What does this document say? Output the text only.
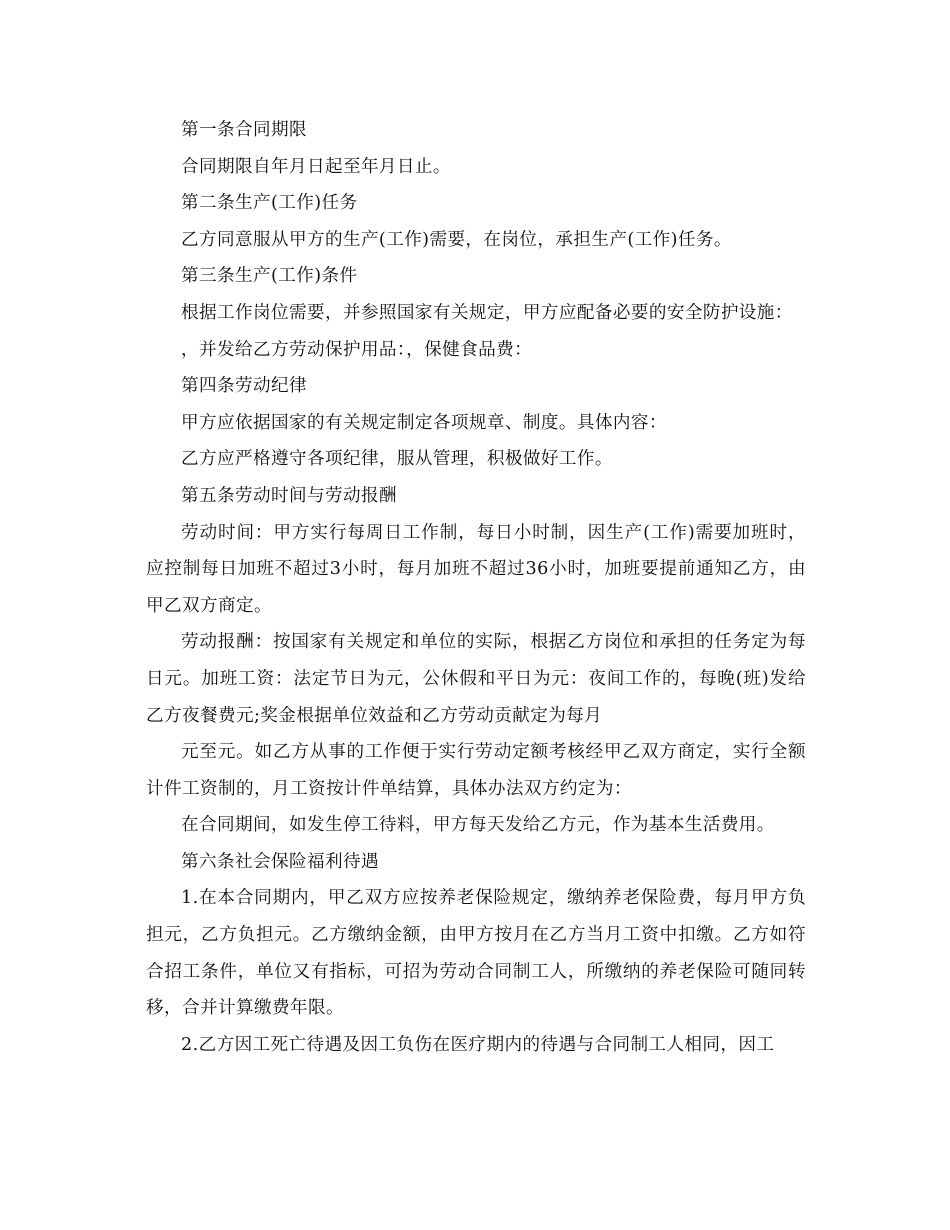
第一条合同期限

合同期限自年月日起至年月日止。

第二条生产(工作)任务

乙方同意服从甲方的生产(工作)需要，在岗位，承担生产(工作)任务。

第三条生产(工作)条件

根据工作岗位需要，并参照国家有关规定，甲方应配备必要的安全防护设施：

，并发给乙方劳动保护用品：，保健食品费：

第四条劳动纪律

甲方应依据国家的有关规定制定各项规章、制度。具体内容：

乙方应严格遵守各项纪律，服从管理，积极做好工作。

第五条劳动时间与劳动报酬

劳动时间：甲方实行每周日工作制，每日小时制，因生产(工作)需要加班时，应控制每日加班不超过3小时，每月加班不超过36小时，加班要提前通知乙方，由甲乙双方商定。

劳动报酬：按国家有关规定和单位的实际，根据乙方岗位和承担的任务定为每日元。加班工资：法定节日为元，公休假和平日为元：夜间工作的，每晚(班)发给乙方夜餐费元;奖金根据单位效益和乙方劳动贡献定为每月

元至元。如乙方从事的工作便于实行劳动定额考核经甲乙双方商定，实行全额计件工资制的，月工资按计件单结算，具体办法双方约定为：

在合同期间，如发生停工待料，甲方每天发给乙方元，作为基本生活费用。

第六条社会保险福利待遇

1.在本合同期内，甲乙双方应按养老保险规定，缴纳养老保险费，每月甲方负担元，乙方负担元。乙方缴纳金额，由甲方按月在乙方当月工资中扣缴。乙方如符合招工条件，单位又有指标，可招为劳动合同制工人，所缴纳的养老保险可随同转移，合并计算缴费年限。

2.乙方因工死亡待遇及因工负伤在医疗期内的待遇与合同制工人相同，因工
